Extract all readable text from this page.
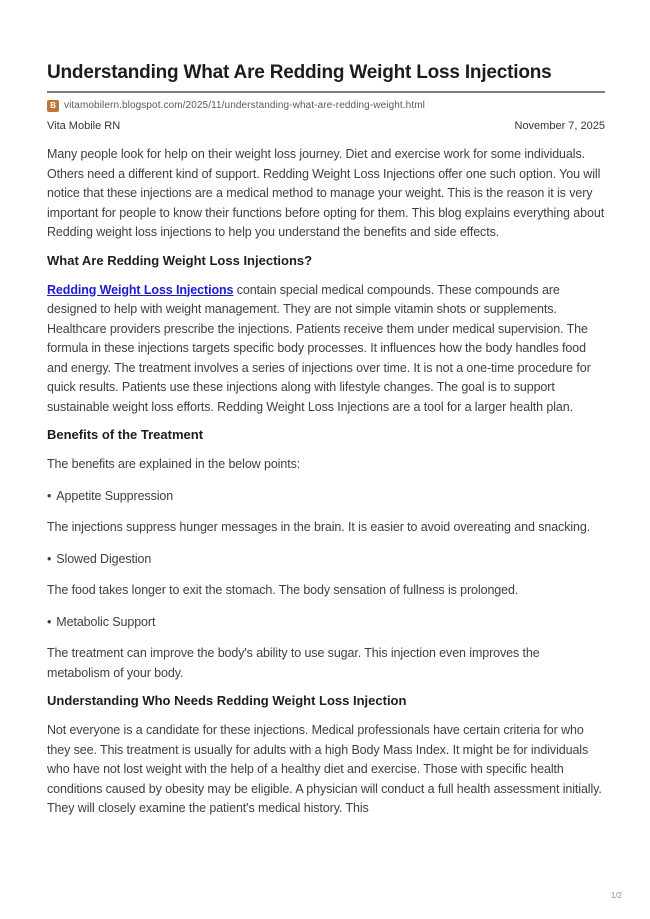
Understanding What Are Redding Weight Loss Injections
B vitamobilern.blogspot.com/2025/11/understanding-what-are-redding-weight.html
Vita Mobile RN	November 7, 2025

Many people look for help on their weight loss journey. Diet and exercise work for some individuals. Others need a different kind of support. Redding Weight Loss Injections offer one such option. You will notice that these injections are a medical method to manage your weight. This is the reason it is very important for people to know their functions before opting for them. This blog explains everything about Redding weight loss injections to help you understand the benefits and side effects.

What Are Redding Weight Loss Injections?

Redding Weight Loss Injections contain special medical compounds. These compounds are designed to help with weight management. They are not simple vitamin shots or supplements. Healthcare providers prescribe the injections. Patients receive them under medical supervision. The formula in these injections targets specific body processes. It influences how the body handles food and energy. The treatment involves a series of injections over time. It is not a one-time procedure for quick results. Patients use these injections along with lifestyle changes. The goal is to support sustainable weight loss efforts. Redding Weight Loss Injections are a tool for a larger health plan.

Benefits of the Treatment

The benefits are explained in the below points:

• Appetite Suppression

The injections suppress hunger messages in the brain. It is easier to avoid overeating and snacking.

• Slowed Digestion

The food takes longer to exit the stomach. The body sensation of fullness is prolonged.

• Metabolic Support

The treatment can improve the body's ability to use sugar. This injection even improves the metabolism of your body.

Understanding Who Needs Redding Weight Loss Injection

Not everyone is a candidate for these injections. Medical professionals have certain criteria for who they see. This treatment is usually for adults with a high Body Mass Index. It might be for individuals who have not lost weight with the help of a healthy diet and exercise. Those with specific health conditions caused by obesity may be eligible. A physician will conduct a full health assessment initially. They will closely examine the patient's medical history. This

1/2
